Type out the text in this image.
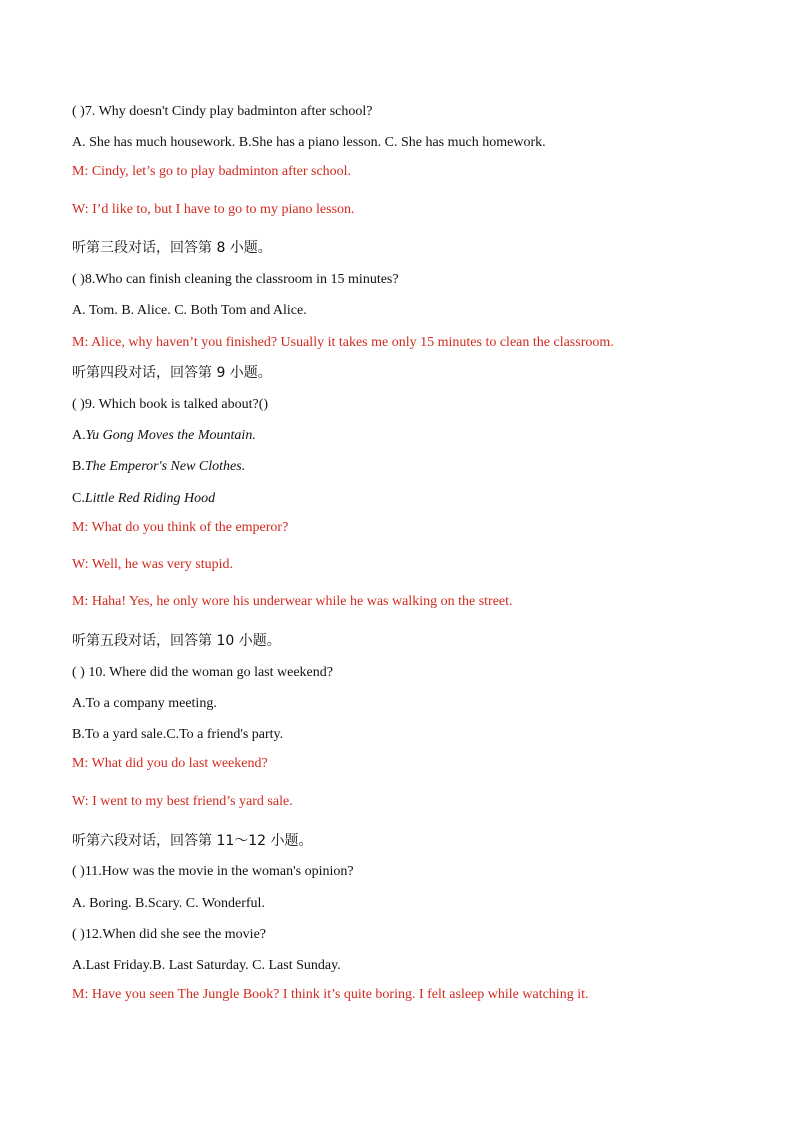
( )7. Why doesn't Cindy play badminton after school?
A. She has much housework. B.She has a piano lesson. C. She has much homework.
M: Cindy, let’s go to play badminton after school.
W: I’d like to, but I have to go to my piano lesson.
听第三段对话，回答第 8 小题。
( )8.Who can finish cleaning the classroom in 15 minutes?
A. Tom. B. Alice. C. Both Tom and Alice.
M: Alice, why haven’t you finished? Usually it takes me only 15 minutes to clean the classroom.
听第四段对话，回答第 9 小题。
( )9. Which book is talked about?()
A.Yu Gong Moves the Mountain.
B.The Emperor's New Clothes.
C.Little Red Riding Hood
M: What do you think of the emperor?
W: Well, he was very stupid.
M: Haha! Yes, he only wore his underwear while he was walking on the street.
听第五段对话，回答第 10 小题。
( ) 10. Where did the woman go last weekend?
A.To a company meeting.
B.To a yard sale.C.To a friend's party.
M: What did you do last weekend?
W: I went to my best friend’s yard sale.
听第六段对话，回答第 11～12 小题。
( )11.How was the movie in the woman's opinion?
A. Boring. B.Scary. C. Wonderful.
( )12.When did she see the movie?
A.Last Friday.B. Last Saturday. C. Last Sunday.
M: Have you seen The Jungle Book? I think it’s quite boring. I felt asleep while watching it.
